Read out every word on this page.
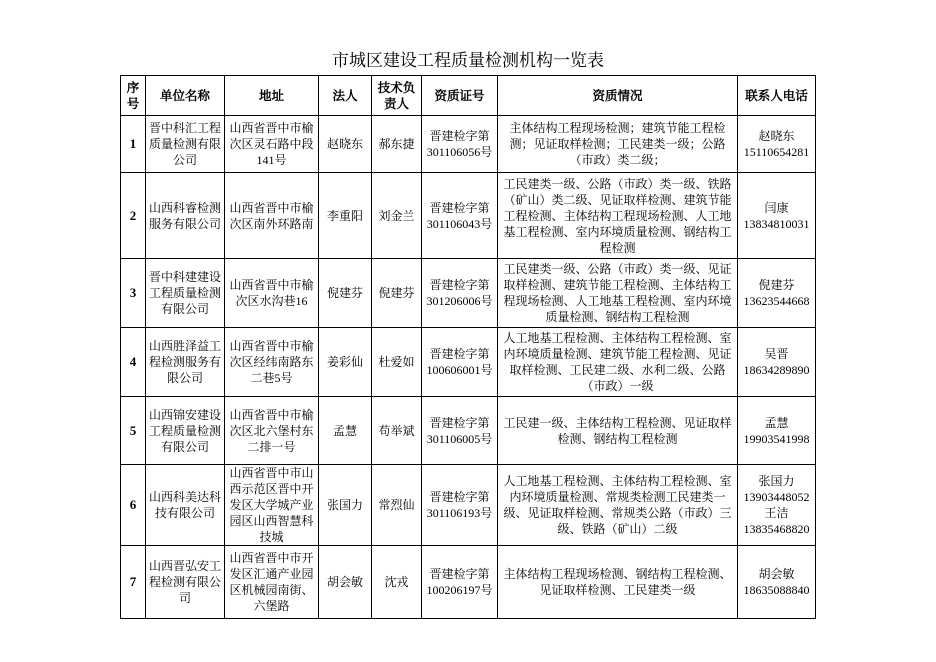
市城区建设工程质量检测机构一览表
序号	单位名称	地址	法人	技术负责人	资质证号	资质情况	联系人电话

1	晋中科汇工程质量检测有限公司	山西省晋中市榆次区灵石路中段141号	赵晓东	郝东捷	晋建检字第301106056号	主体结构工程现场检测；建筑节能工程检测；见证取样检测；工民建类一级；公路（市政）类二级；	赵晓东
15110654281

2	山西科睿检测服务有限公司	山西省晋中市榆次区南外环路南	李重阳	刘金兰	晋建检字第301106043号	工民建类一级、公路（市政）类一级、铁路（矿山）类二级、见证取样检测、建筑节能工程检测、主体结构工程现场检测、人工地基工程检测、室内环境质量检测、钢结构工程检测	闫康
13834810031

3	晋中科建建设工程质量检测有限公司	山西省晋中市榆次区水沟巷16	倪建芬	倪建芬	晋建检字第301206006号	工民建类一级、公路（市政）类一级、见证取样检测、建筑节能工程检测、主体结构工程现场检测、人工地基工程检测、室内环境质量检测、钢结构工程检测	倪建芬
13623544668

4	山西胜泽益工程检测服务有限公司	山西省晋中市榆次区经纬南路东二巷5号	姜彩仙	杜爱如	晋建检字第100606001号	人工地基工程检测、主体结构工程检测、室内环境质量检测、建筑节能工程检测、见证取样检测、工民建二级、水利二级、公路（市政）一级	吴晋
18634289890

5	山西锦安建设工程质量检测有限公司	山西省晋中市榆次区北六堡村东二排一号	孟慧	苟举斌	晋建检字第301106005号	工民建一级、主体结构工程检测、见证取样检测、钢结构工程检测	孟慧
19903541998

6	山西科美达科技有限公司	山西省晋中市山西示范区晋中开发区大学城产业园区山西智慧科技城	张国力	常烈仙	晋建检字第301106193号	人工地基工程检测、主体结构工程检测、室内环境质量检测、常规类检测工民建类一级、见证取样检测、常规类公路（市政）三级、铁路（矿山）二级	张国力
13903448052
王洁
13835468820

7	山西晋弘安工程检测有限公司	山西省晋中市开发区汇通产业园区机械园南街、六堡路	胡会敏	沈戎	晋建检字第100206197号	主体结构工程现场检测、钢结构工程检测、见证取样检测、工民建类一级	胡会敏
18635088840
